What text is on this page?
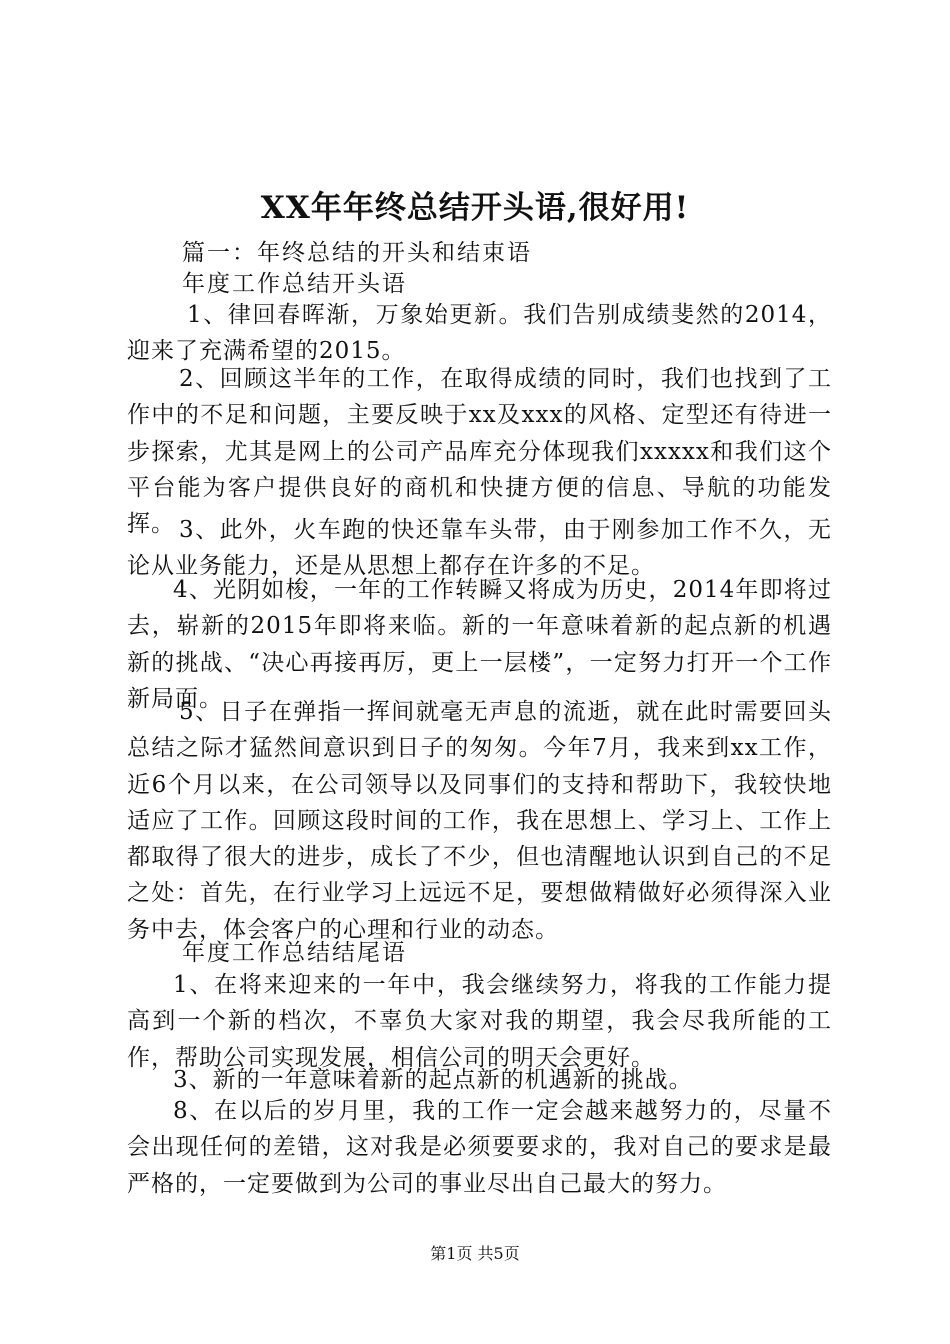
XX年年终总结开头语,很好用!
篇一：年终总结的开头和结束语
年度工作总结开头语
1、律回春晖渐，万象始更新。我们告别成绩斐然的2014，迎来了充满希望的2015。
2、回顾这半年的工作，在取得成绩的同时，我们也找到了工作中的不足和问题，主要反映于xx及xxx的风格、定型还有待进一步探索，尤其是网上的公司产品库充分体现我们xxxxx和我们这个平台能为客户提供良好的商机和快捷方便的信息、导航的功能发挥。 3、此外，火车跑的快还靠车头带，由于刚参加工作不久，无论从业务能力，还是从思想上都存在许多的不足。
4、光阴如梭，一年的工作转瞬又将成为历史，2014年即将过去，崭新的2015年即将来临。新的一年意味着新的起点新的机遇新的挑战、“决心再接再厉，更上一层楼”，一定努力打开一个工作新局面。
5、日子在弹指一挥间就毫无声息的流逝，就在此时需要回头总结之际才猛然间意识到日子的匆匆。今年7月，我来到xx工作，近6个月以来，在公司领导以及同事们的支持和帮助下，我较快地适应了工作。回顾这段时间的工作，我在思想上、学习上、工作上都取得了很大的进步，成长了不少，但也清醒地认识到自己的不足之处：首先，在行业学习上远远不足，要想做精做好必须得深入业务中去，体会客户的心理和行业的动态。
年度工作总结结尾语
1、在将来迎来的一年中，我会继续努力，将我的工作能力提高到一个新的档次，不辜负大家对我的期望，我会尽我所能的工作，帮助公司实现发展，相信公司的明天会更好。
3、新的一年意味着新的起点新的机遇新的挑战。
8、在以后的岁月里，我的工作一定会越来越努力的，尽量不会出现任何的差错，这对我是必须要要求的，我对自己的要求是最严格的，一定要做到为公司的事业尽出自己最大的努力。
第1页 共5页
